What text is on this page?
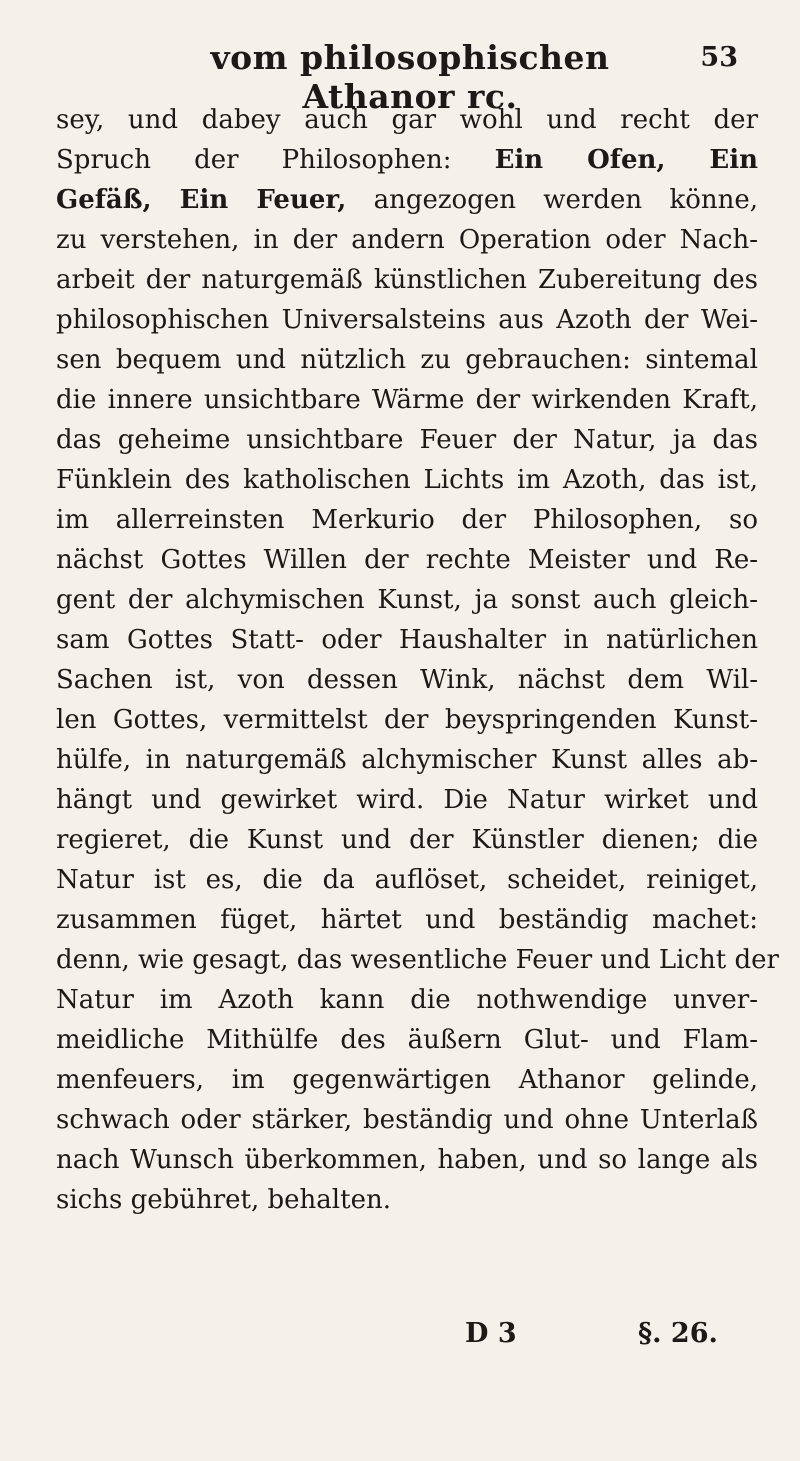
vom philosophischen Athanor rc.
53
sey, und dabey auch gar wohl und recht der
Spruch der Philosophen: Ein Ofen, Ein
Gefäß, Ein Feuer, angezogen werden könne,
zu verstehen, in der andern Operation oder Nach-
arbeit der naturgemäß künstlichen Zubereitung des
philosophischen Universalsteins aus Azoth der Wei-
sen bequem und nützlich zu gebrauchen: sintemal
die innere unsichtbare Wärme der wirkenden Kraft,
das geheime unsichtbare Feuer der Natur, ja das
Fünklein des katholischen Lichts im Azoth, das ist,
im allerreinsten Merkurio der Philosophen, so
nächst Gottes Willen der rechte Meister und Re-
gent der alchymischen Kunst, ja sonst auch gleich-
sam Gottes Statt- oder Haushalter in natürlichen
Sachen ist, von dessen Wink, nächst dem Wil-
len Gottes, vermittelst der beyspringenden Kunst-
hülfe, in naturgemäß alchymischer Kunst alles ab-
hängt und gewirket wird. Die Natur wirket und
regieret, die Kunst und der Künstler dienen; die
Natur ist es, die da auflöset, scheidet, reiniget,
zusammen füget, härtet und beständig machet:
denn, wie gesagt, das wesentliche Feuer und Licht der
Natur im Azoth kann die nothwendige unver-
meidliche Mithülfe des äußern Glut- und Flam-
menfeuers, im gegenwärtigen Athanor gelinde,
schwach oder stärker, beständig und ohne Unterlaß
nach Wunsch überkommen, haben, und so lange als
sichs gebühret, behalten.
D 3	§. 26.
